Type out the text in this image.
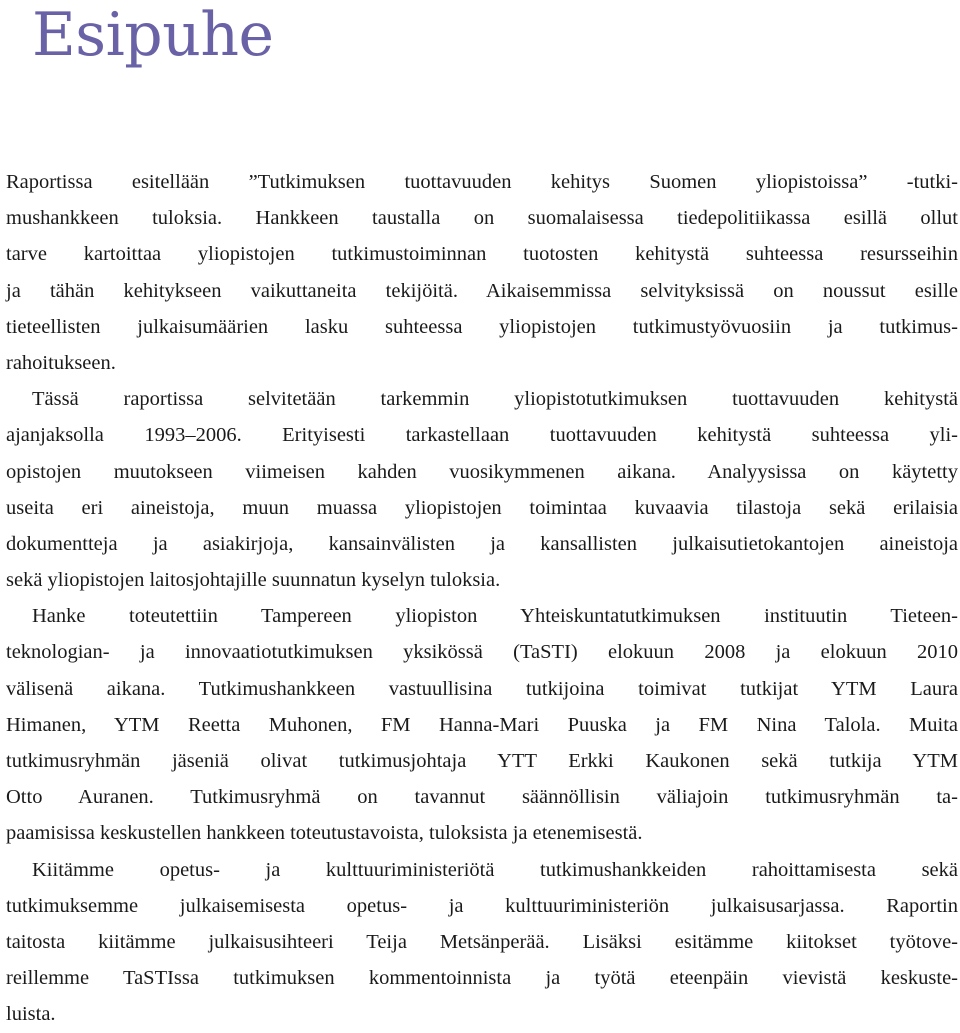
Esipuhe
Raportissa esitellään ”Tutkimuksen tuottavuuden kehitys Suomen yliopistoissa” -tutki-
mushankkeen tuloksia. Hankkeen taustalla on suomalaisessa tiedepolitiikassa esillä ollut
tarve kartoittaa yliopistojen tutkimustoiminnan tuotosten kehitystä suhteessa resursseihin
ja tähän kehitykseen vaikuttaneita tekijöitä. Aikaisemmissa selvityksissä on noussut esille
tieteellisten julkaisumäärien lasku suhteessa yliopistojen tutkimustyövuosiin ja tutkimus-
rahoitukseen.
Tässä raportissa selvitetään tarkemmin yliopistotutkimuksen tuottavuuden kehitystä
ajanjaksolla 1993–2006. Erityisesti tarkastellaan tuottavuuden kehitystä suhteessa yli-
opistojen muutokseen viimeisen kahden vuosikymmenen aikana. Analyysissa on käytetty
useita eri aineistoja, muun muassa yliopistojen toimintaa kuvaavia tilastoja sekä erilaisia
dokumentteja ja asiakirjoja, kansainvälisten ja kansallisten julkaisutietokantojen aineistoja
sekä yliopistojen laitosjohtajille suunnatun kyselyn tuloksia.
Hanke toteutettiin Tampereen yliopiston Yhteiskuntatutkimuksen instituutin Tieteen-
teknologian- ja innovaatiotutkimuksen yksikössä (TaSTI) elokuun 2008 ja elokuun 2010
välisenä aikana. Tutkimushankkeen vastuullisina tutkijoina toimivat tutkijat YTM Laura
Himanen, YTM Reetta Muhonen, FM Hanna-Mari Puuska ja FM Nina Talola. Muita
tutkimusryhmän jäseniä olivat tutkimusjohtaja YTT Erkki Kaukonen sekä tutkija YTM
Otto Auranen. Tutkimusryhmä on tavannut säännöllisin väliajoin tutkimusryhmän ta-
paamisissa keskustellen hankkeen toteutustavoista, tuloksista ja etenemisestä.
Kiitämme opetus- ja kulttuuriministeriötä tutkimushankkeiden rahoittamisesta sekä
tutkimuksemme julkaisemisesta opetus- ja kulttuuriministeriön julkaisusarjassa. Raportin
taitosta kiitämme julkaisusihteeri Teija Metsänperää. Lisäksi esitämme kiitokset työtove-
reillemme TaSTIssa tutkimuksen kommentoinnista ja työtä eteenpäin vievistä keskuste-
luista.
